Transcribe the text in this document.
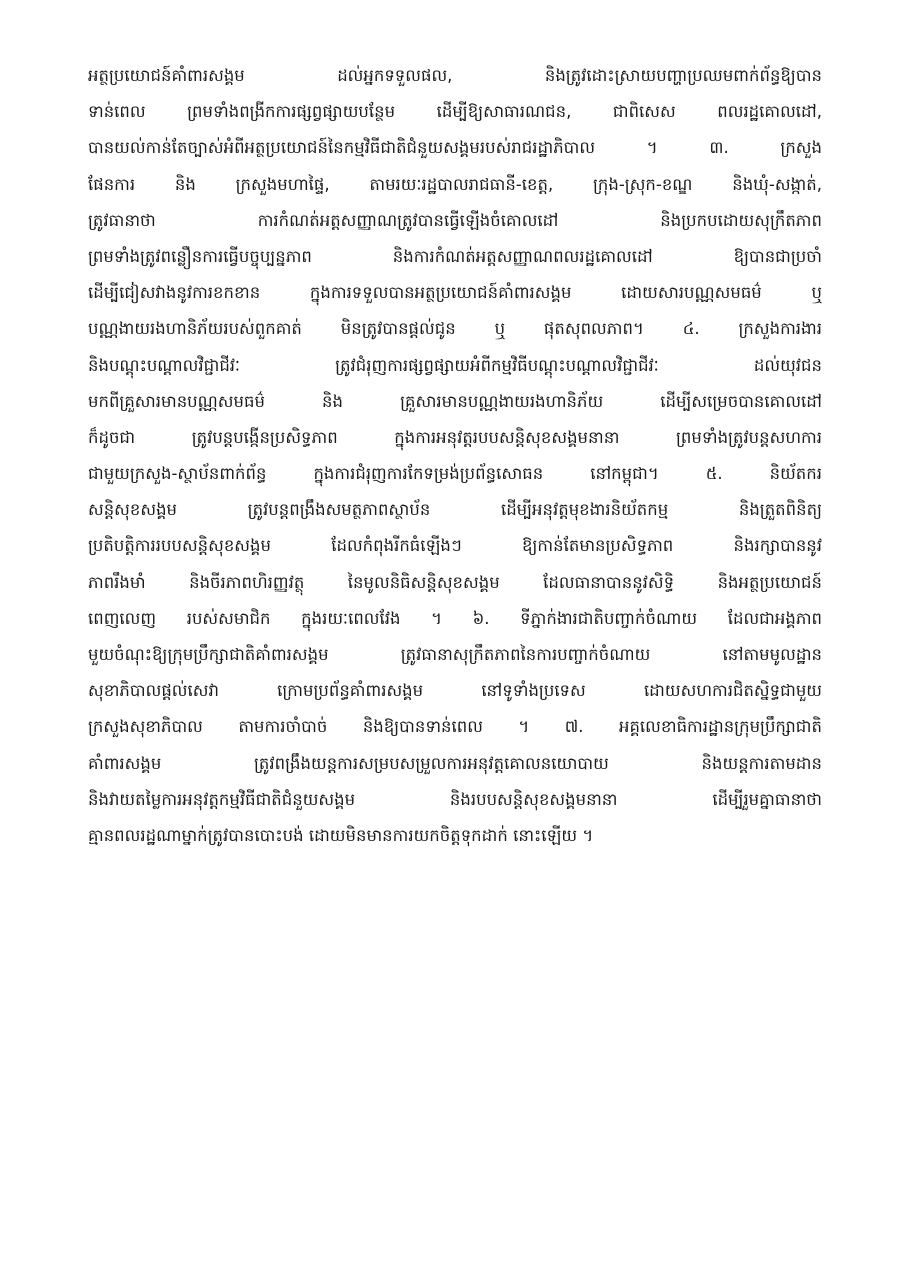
អត្ថប្រយោជន៍គាំពារសង្គម ដល់អ្នកទទួលផល, និងត្រូវដោះស្រាយបញ្ហាប្រឈមពាក់ព័ន្ធឱ្យបាន
ទាន់ពេល ព្រមទាំងពង្រីកការផ្សព្វផ្សាយបន្ថែម ដើម្បីឱ្យសាធារណជន, ជាពិសេស ពលរដ្ឋគោលដៅ,
បានយល់កាន់តែច្បាស់អំពីអត្ថប្រយោជន៍នៃកម្មវិធីជាតិជំនួយសង្គមរបស់រាជរដ្ឋាភិបាល ។ ៣. ក្រសួង
ផែនការ និង ក្រសួងមហាផ្ទៃ, តាមរយៈរដ្ឋបាលរាជធានី-ខេត្ត, ក្រុង-ស្រុក-ខណ្ឌ និងឃុំ-សង្កាត់,
ត្រូវធានាថា ការកំណត់អត្តសញ្ញាណត្រូវបានធ្វើឡើងចំគោលដៅ និងប្រកបដោយសុក្រឹតភាព
ព្រមទាំងត្រូវពន្លឿនការធ្វើបច្ចុប្បន្នភាព និងការកំណត់អត្តសញ្ញាណពលរដ្ឋគោលដៅ ឱ្យបានជាប្រចាំ
ដើម្បីជៀសវាងនូវការខកខាន ក្នុងការទទួលបានអត្ថប្រយោជន៍គាំពារសង្គម ដោយសារបណ្ណសមធម៌ ឬ
បណ្ណងាយរងហានិភ័យរបស់ពួកគាត់ មិនត្រូវបានផ្ដល់ជូន ឬ ផុតសុពលភាព។ ៤. ក្រសួងការងារ
និងបណ្តុះបណ្តាលវិជ្ជាជីវៈ ត្រូវជំរុញការផ្សព្វផ្សាយអំពីកម្មវិធីបណ្តុះបណ្តាលវិជ្ជាជីវៈ ដល់យុវជន
មកពីគ្រួសារមានបណ្ណសមធម៌ និង គ្រួសារមានបណ្ណងាយរងហានិភ័យ ដើម្បីសម្រេចបានគោលដៅ
ក៏ដូចជា ត្រូវបន្តបង្កើនប្រសិទ្ធភាព ក្នុងការអនុវត្តរបបសន្តិសុខសង្គមនានា ព្រមទាំងត្រូវបន្តសហការ
ជាមួយក្រសួង-ស្ថាប័នពាក់ព័ន្ធ ក្នុងការជំរុញការកែទម្រង់ប្រព័ន្ធសោធន នៅកម្ពុជា។ ៥. និយ័តករ
សន្តិសុខសង្គម ត្រូវបន្តពង្រឹងសមត្ថភាពស្ថាប័ន ដើម្បីអនុវត្តមុខងារនិយ័តកម្ម និងត្រួតពិនិត្យ
ប្រតិបត្តិការរបបសន្តិសុខសង្គម ដែលកំពុងរីកធំឡើងៗ ឱ្យកាន់តែមានប្រសិទ្ធភាព និងរក្សាបាននូវ
ភាពរឹងមាំ និងចីរភាពហិរញ្ញវត្ថុ នៃមូលនិធិសន្តិសុខសង្គម ដែលធានាបាននូវសិទ្ធិ និងអត្ថប្រយោជន៍
ពេញលេញ របស់សមាជិក ក្នុងរយៈពេលវែង ។ ៦. ទីភ្នាក់ងារជាតិបញ្ចាក់ចំណាយ ដែលជាអង្គភាព
មួយចំណុះឱ្យក្រុមប្រឹក្សាជាតិគាំពារសង្គម ត្រូវធានាសុក្រឹតភាពនៃការបញ្ចាក់ចំណាយ នៅតាមមូលដ្ឋាន
សុខាភិបាលផ្ដល់សេវា ក្រោមប្រព័ន្ធគាំពារសង្គម នៅទូទាំងប្រទេស ដោយសហការជិតស្និទ្ធជាមួយ
ក្រសួងសុខាភិបាល តាមការចាំបាច់ និងឱ្យបានទាន់ពេល ។ ៧. អគ្គលេខាធិការដ្ឋានក្រុមប្រឹក្សាជាតិ
គាំពារសង្គម ត្រូវពង្រឹងយន្តការសម្របសម្រួលការអនុវត្តគោលនយោបាយ និងយន្តការតាមដាន
និងវាយតម្លៃការអនុវត្តកម្មវិធីជាតិជំនួយសង្គម និងរបបសន្តិសុខសង្គមនានា ដើម្បីរួមគ្នាធានាថា
គ្មានពលរដ្ឋណាម្នាក់ត្រូវបានបោះបង់ ដោយមិនមានការយកចិត្តទុកដាក់ នោះឡើយ ។
